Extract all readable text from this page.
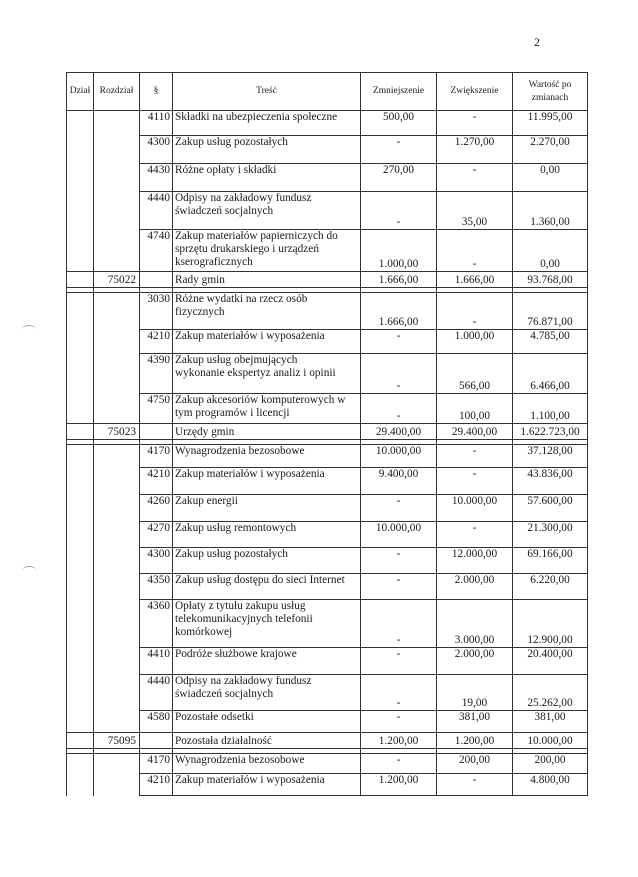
2
Dział	Rozdział	§	Treść	Zmniejszenie	Zwiększenie	Wartość po zmianach
		4110	Składki na ubezpieczenia społeczne	500,00	-	11.995,00
		4300	Zakup usług pozostałych	-	1.270,00	2.270,00
		4430	Różne opłaty i składki	270,00	-	0,00
		4440	Odpisy na zakładowy fundusz
świadczeń socjalnych	-	35,00	1.360,00
		4740	Zakup materiałów papierniczych do
sprzętu drukarskiego i urządzeń
kserograficznych	1.000,00	-	0,00
	75022		Rady gmin	1.666,00	1.666,00	93.768,00

		3030	Różne wydatki na rzecz osób
fizycznych	1.666,00	-	76.871,00
		4210	Zakup materiałów i wyposażenia	-	1.000,00	4.785,00
		4390	Zakup usług obejmujących
wykonanie ekspertyz analiz i opinii	-	566,00	6.466,00
		4750	Zakup akcesoriów komputerowych w
tym programów i licencji	-	100,00	1.100,00
	75023		Urzędy gmin	29.400,00	29.400,00	1.622.723,00

		4170	Wynagrodzenia bezosobowe	10.000,00	-	37.128,00
		4210	Zakup materiałów i wyposażenia	9.400,00	-	43.836,00
		4260	Zakup energii	-	10.000,00	57.600,00
		4270	Zakup usług remontowych	10.000,00	-	21.300,00
		4300	Zakup usług pozostałych	-	12.000,00	69.166,00
		4350	Zakup usług dostępu do sieci Internet	-	2.000,00	6.220,00
		4360	Opłaty z tytułu zakupu usług
telekomunikacyjnych telefonii
komórkowej	-	3.000,00	12.900,00
		4410	Podróże służbowe krajowe	-	2.000,00	20.400,00
		4440	Odpisy na zakładowy fundusz
świadczeń socjalnych	-	19,00	25.262,00
		4580	Pozostałe odsetki	-	381,00	381,00
	75095		Pozostała działalność	1.200,00	1.200,00	10.000,00

		4170	Wynagrodzenia bezosobowe	-	200,00	200,00
		4210	Zakup materiałów i wyposażenia	1.200,00	-	4.800,00
